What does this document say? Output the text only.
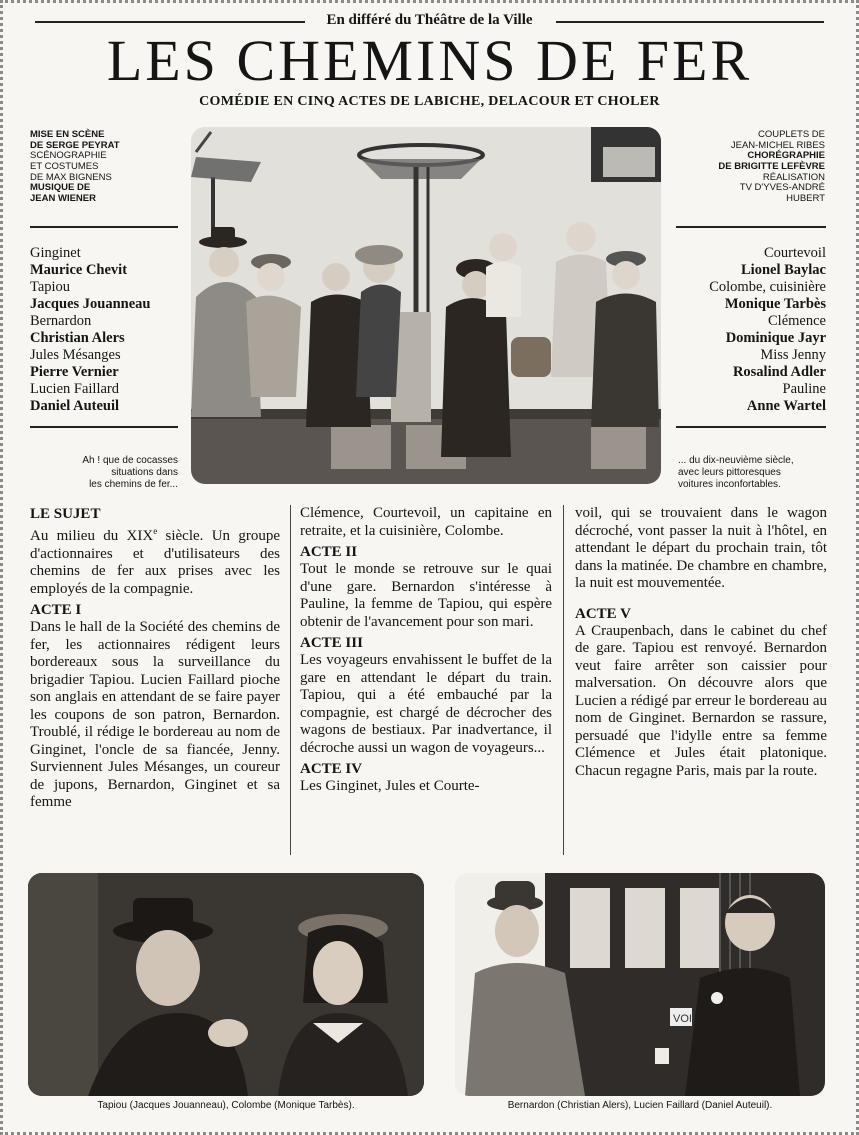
En différé du Théâtre de la Ville
LES CHEMINS DE FER
COMÉDIE EN CINQ ACTES DE LABICHE, DELACOUR ET CHOLER
MISE EN SCÈNE
DE SERGE PEYRAT
SCÉNOGRAPHIE
ET COSTUMES
DE MAX BIGNENS
MUSIQUE DE
JEAN WIENER
COUPLETS DE
JEAN-MICHEL RIBES
CHORÉGRAPHIE
DE BRIGITTE LEFÈVRE
RÉALISATION
TV D'YVES-ANDRÉ
HUBERT
Ginginet
Maurice Chevit
Tapiou
Jacques Jouanneau
Bernardon
Christian Alers
Jules Mésanges
Pierre Vernier
Lucien Faillard
Daniel Auteuil
Courtevoil
Lionel Baylac
Colombe, cuisinière
Monique Tarbès
Clémence
Dominique Jayr
Miss Jenny
Rosalind Adler
Pauline
Anne Wartel
Ah ! que de cocasses
situations dans
les chemins de fer...
... du dix-neuvième siècle,
avec leurs pittoresques
voitures inconfortables.
LE SUJET

Au milieu du XIXe siècle. Un groupe d'actionnaires et d'utilisateurs des chemins de fer aux prises avec les employés de la compagnie.

ACTE I

Dans le hall de la Société des chemins de fer, les actionnaires rédigent leurs bordereaux sous la surveillance du brigadier Tapiou. Lucien Faillard pioche son anglais en attendant de se faire payer les coupons de son patron, Bernardon. Troublé, il rédige le bordereau au nom de Ginginet, l'oncle de sa fiancée, Jenny. Surviennent Jules Mésanges, un coureur de jupons, Bernardon, Ginginet et sa femme

Clémence, Courtevoil, un capitaine en retraite, et la cuisinière, Colombe.

ACTE II

Tout le monde se retrouve sur le quai d'une gare. Bernardon s'intéresse à Pauline, la femme de Tapiou, qui espère obtenir de l'avancement pour son mari.

ACTE III

Les voyageurs envahissent le buffet de la gare en attendant le départ du train. Tapiou, qui a été embauché par la compagnie, est chargé de décrocher des wagons de bestiaux. Par inadvertance, il décroche aussi un wagon de voyageurs...

ACTE IV

Les Ginginet, Jules et Courte-

voil, qui se trouvaient dans le wagon décroché, vont passer la nuit à l'hôtel, en attendant le départ du prochain train, tôt dans la matinée. De chambre en chambre, la nuit est mouvementée.

ACTE V

A Craupenbach, dans le cabinet du chef de gare. Tapiou est renvoyé. Bernardon veut faire arrêter son caissier pour malversation. On découvre alors que Lucien a rédigé par erreur le bordereau au nom de Ginginet. Bernardon se rassure, persuadé que l'idylle entre sa femme Clémence et Jules était platonique. Chacun regagne Paris, mais par la route.

VOI
Tapiou (Jacques Jouanneau), Colombe (Monique Tarbès).	Bernardon (Christian Alers), Lucien Faillard (Daniel Auteuil).
